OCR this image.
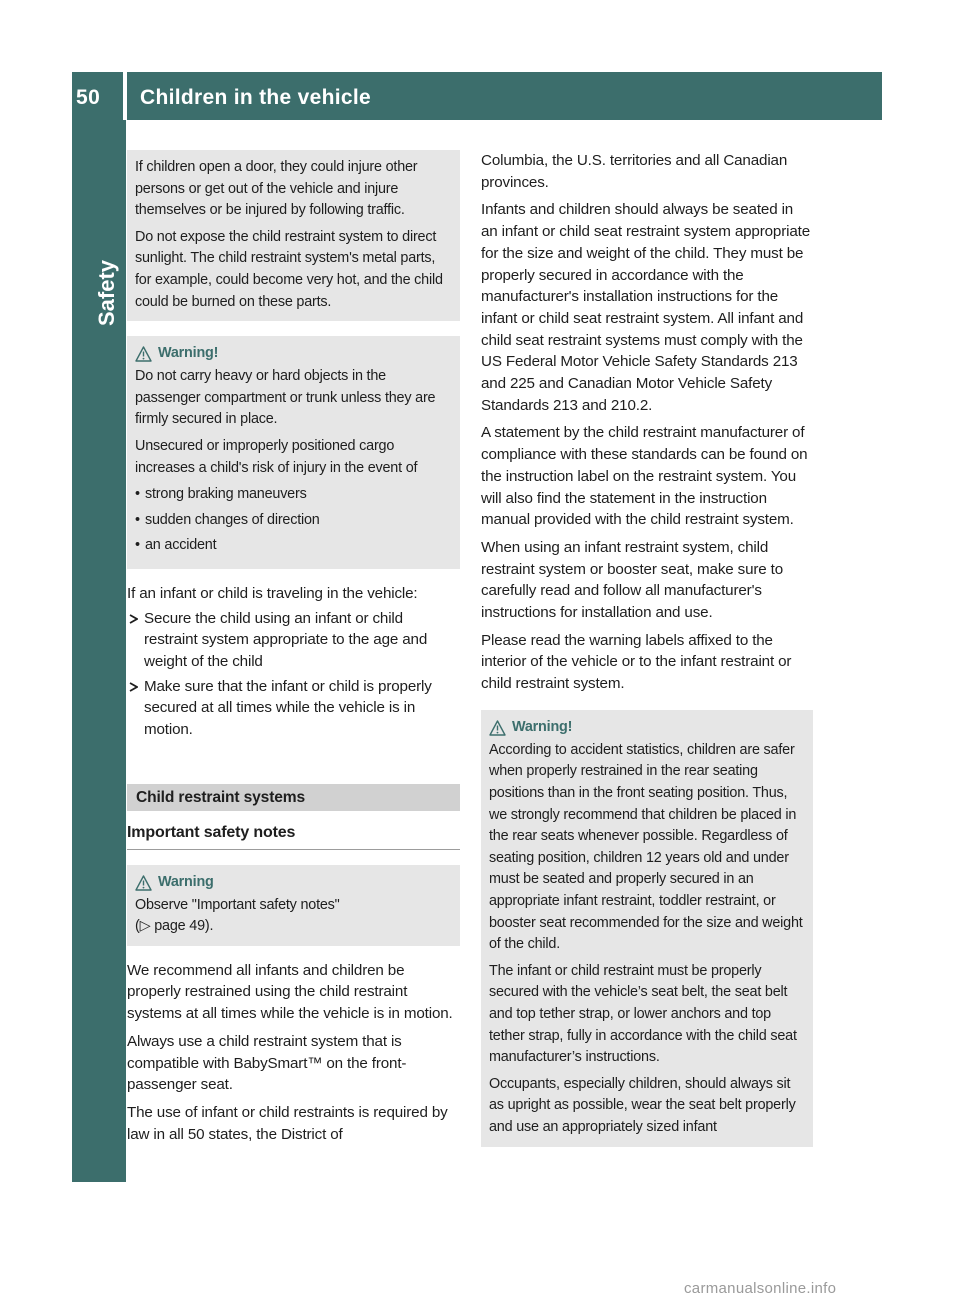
50	Children in the vehicle
Safety

If children open a door, they could injure other persons or get out of the vehicle and injure themselves or be injured by following traffic.

Do not expose the child restraint system to direct sunlight. The child restraint system's metal parts, for example, could become very hot, and the child could be burned on these parts.

Warning!

Do not carry heavy or hard objects in the passenger compartment or trunk unless they are firmly secured in place.

Unsecured or improperly positioned cargo increases a child's risk of injury in the event of

• strong braking maneuvers
• sudden changes of direction
• an accident

If an infant or child is traveling in the vehicle:

Secure the child using an infant or child restraint system appropriate to the age and weight of the child
Make sure that the infant or child is properly secured at all times while the vehicle is in motion.
Child restraint systems
Important safety notes
Warning

Observe "Important safety notes"

(▷ page 49).

We recommend all infants and children be properly restrained using the child restraint systems at all times while the vehicle is in motion.

Always use a child restraint system that is compatible with BabySmart™ on the front-passenger seat.

The use of infant or child restraints is required by law in all 50 states, the District of

Columbia, the U.S. territories and all Canadian provinces.

Infants and children should always be seated in an infant or child seat restraint system appropriate for the size and weight of the child. They must be properly secured in accordance with the manufacturer's installation instructions for the infant or child seat restraint system. All infant and child seat restraint systems must comply with the US Federal Motor Vehicle Safety Standards 213 and 225 and Canadian Motor Vehicle Safety Standards 213 and 210.2.

A statement by the child restraint manufacturer of compliance with these standards can be found on the instruction label on the restraint system. You will also find the statement in the instruction manual provided with the child restraint system.

When using an infant restraint system, child restraint system or booster seat, make sure to carefully read and follow all manufacturer's instructions for installation and use.

Please read the warning labels affixed to the interior of the vehicle or to the infant restraint or child restraint system.

Warning!

According to accident statistics, children are safer when properly restrained in the rear seating positions than in the front seating position. Thus, we strongly recommend that children be placed in the rear seats whenever possible. Regardless of seating position, children 12 years old and under must be seated and properly secured in an appropriate infant restraint, toddler restraint, or booster seat recommended for the size and weight of the child.

The infant or child restraint must be properly secured with the vehicle’s seat belt, the seat belt and top tether strap, or lower anchors and top tether strap, fully in accordance with the child seat manufacturer’s instructions.

Occupants, especially children, should always sit as upright as possible, wear the seat belt properly and use an appropriately sized infant

carmanualsonline.info
